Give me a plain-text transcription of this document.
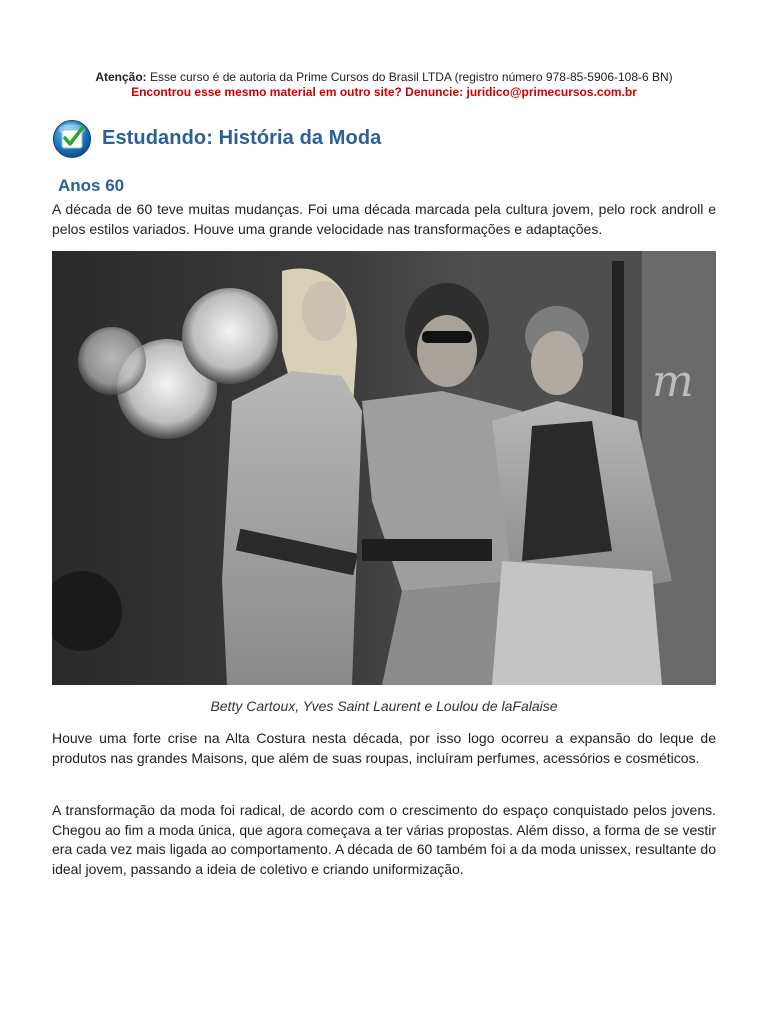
Atenção: Esse curso é de autoria da Prime Cursos do Brasil LTDA (registro número 978-85-5906-108-6 BN)
Encontrou esse mesmo material em outro site? Denuncie: juridico@primecursos.com.br
Estudando: História da Moda
Anos 60
A década de 60 teve muitas mudanças. Foi uma década marcada pela cultura jovem, pelo rock androll e pelos estilos variados. Houve uma grande velocidade nas transformações e adaptações.
m
Betty Cartoux, Yves Saint Laurent e Loulou de laFalaise
Houve uma forte crise na Alta Costura nesta década, por isso logo ocorreu a expansão do leque de produtos nas grandes Maisons, que além de suas roupas, incluíram perfumes, acessórios e cosméticos.
A transformação da moda foi radical, de acordo com o crescimento do espaço conquistado pelos jovens. Chegou ao fim a moda única, que agora começava a ter várias propostas. Além disso, a forma de se vestir era cada vez mais ligada ao comportamento. A década de 60 também foi a da moda unissex, resultante do ideal jovem, passando a ideia de coletivo e criando uniformização.
